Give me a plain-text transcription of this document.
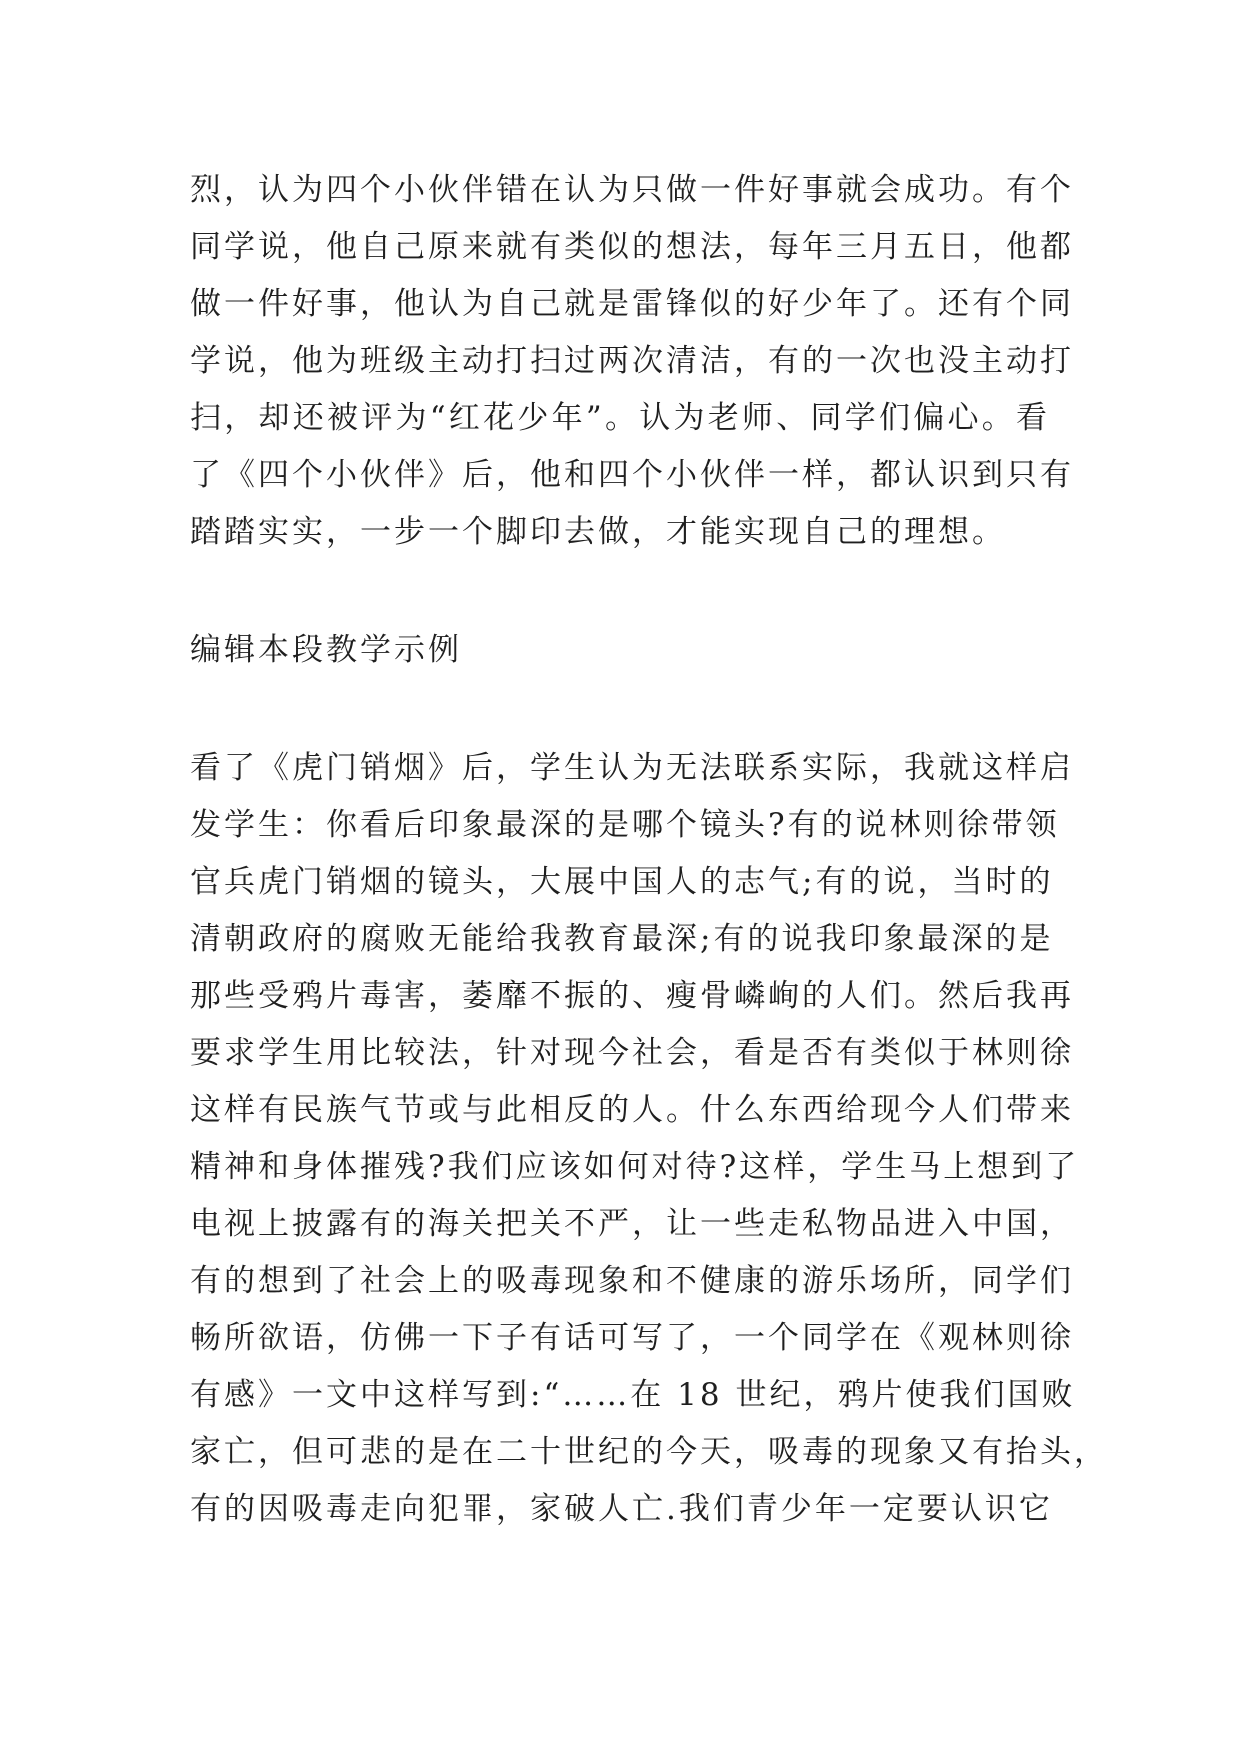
烈，认为四个小伙伴错在认为只做一件好事就会成功。有个
同学说，他自己原来就有类似的想法，每年三月五日，他都
做一件好事，他认为自己就是雷锋似的好少年了。还有个同
学说，他为班级主动打扫过两次清洁，有的一次也没主动打
扫，却还被评为“红花少年”。认为老师、同学们偏心。看
了《四个小伙伴》后，他和四个小伙伴一样，都认识到只有
踏踏实实，一步一个脚印去做，才能实现自己的理想。
编辑本段教学示例
看了《虎门销烟》后，学生认为无法联系实际，我就这样启
发学生：你看后印象最深的是哪个镜头?有的说林则徐带领
官兵虎门销烟的镜头，大展中国人的志气;有的说，当时的
清朝政府的腐败无能给我教育最深;有的说我印象最深的是
那些受鸦片毒害，萎靡不振的、瘦骨嶙峋的人们。然后我再
要求学生用比较法，针对现今社会，看是否有类似于林则徐
这样有民族气节或与此相反的人。什么东西给现今人们带来
精神和身体摧残?我们应该如何对待?这样，学生马上想到了
电视上披露有的海关把关不严，让一些走私物品进入中国，
有的想到了社会上的吸毒现象和不健康的游乐场所，同学们
畅所欲语，仿佛一下子有话可写了，一个同学在《观林则徐
有感》一文中这样写到:“……在 18 世纪，鸦片使我们国败
家亡，但可悲的是在二十世纪的今天，吸毒的现象又有抬头，
有的因吸毒走向犯罪，家破人亡.我们青少年一定要认识它
